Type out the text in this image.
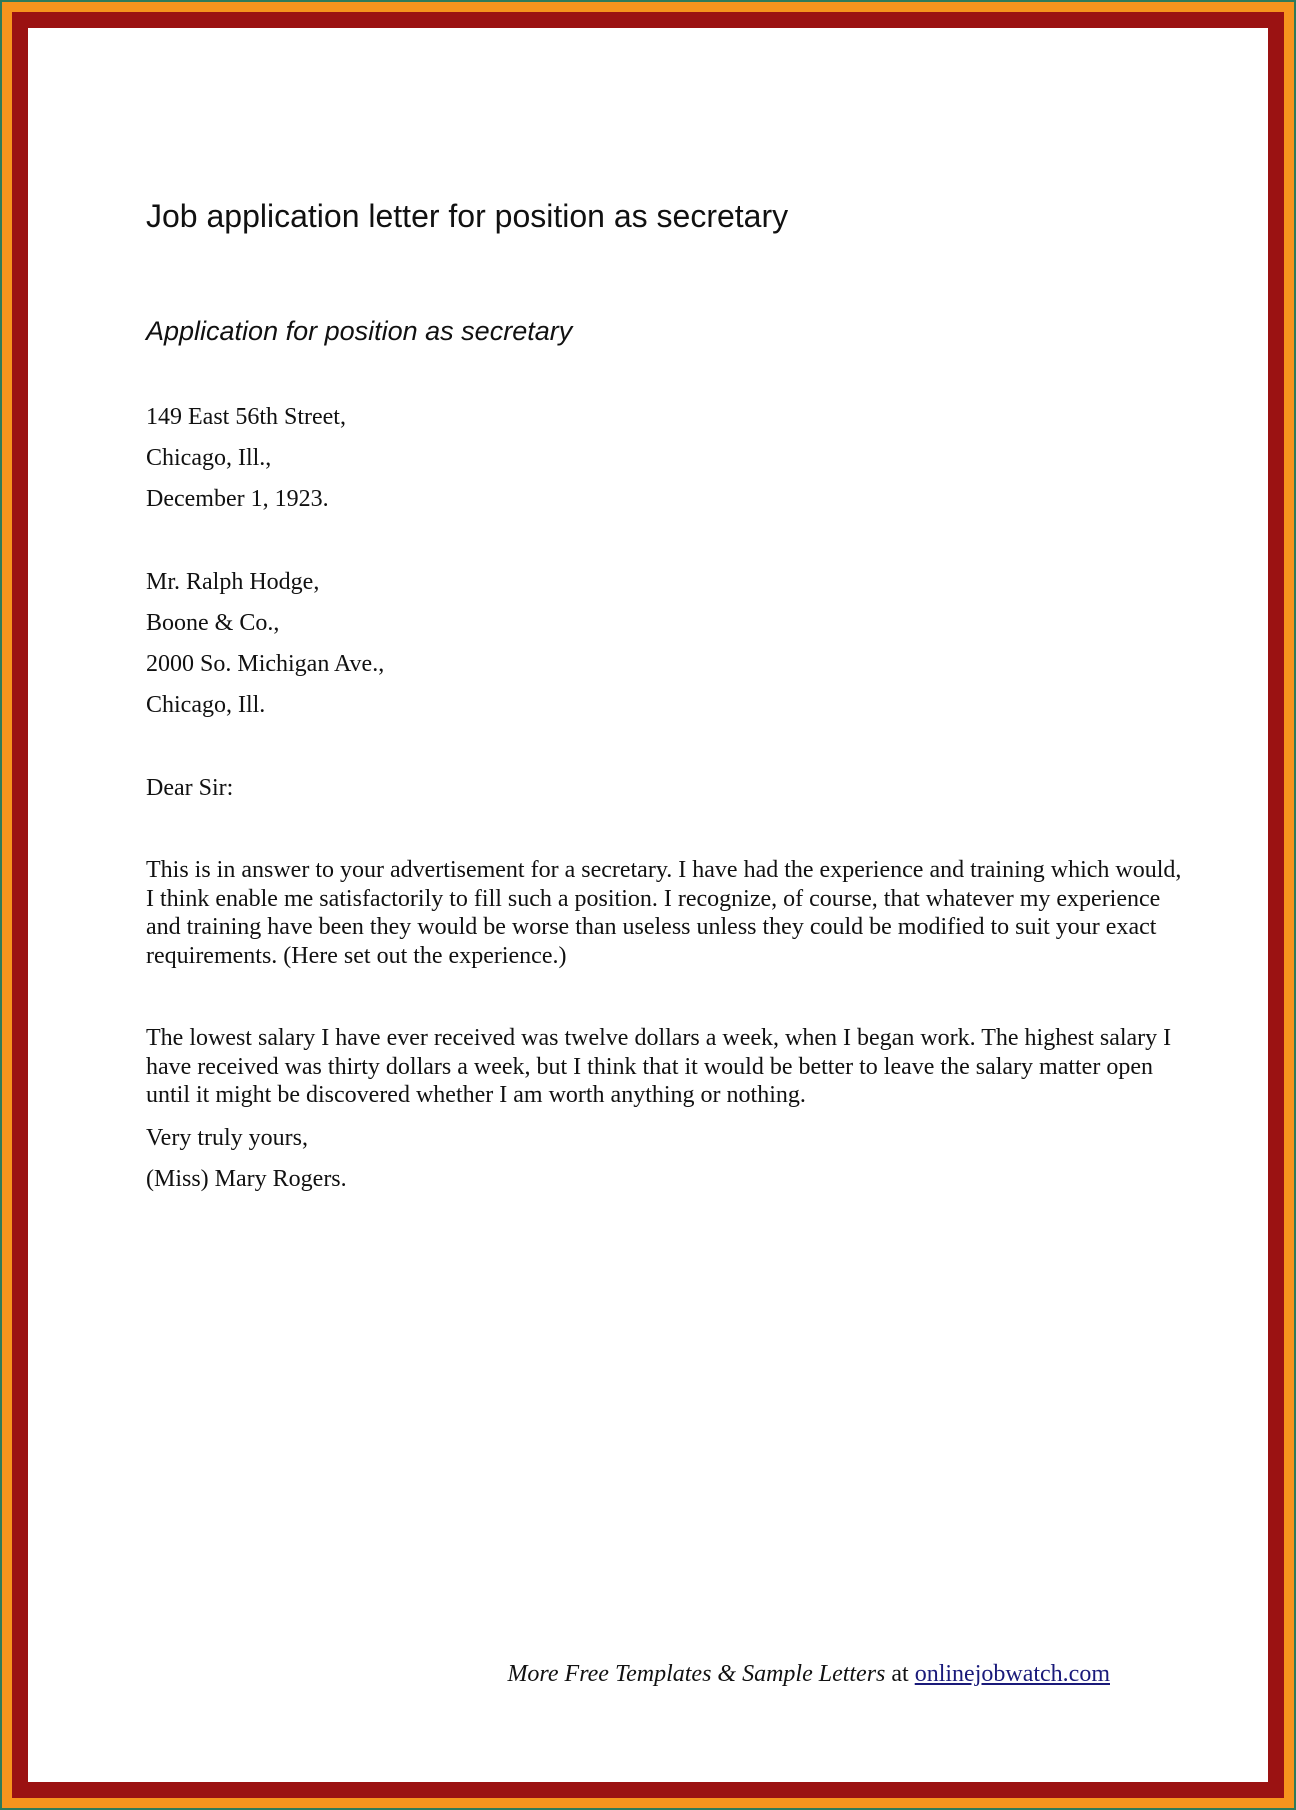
Job application letter for position as secretary
Application for position as secretary
149 East 56th Street,
Chicago, Ill.,
December 1, 1923.
Mr. Ralph Hodge,
Boone & Co.,
2000 So. Michigan Ave.,
Chicago, Ill.
Dear Sir:
This is in answer to your advertisement for a secretary. I have had the experience and training which would, I think enable me satisfactorily to fill such a position. I recognize, of course, that whatever my experience and training have been they would be worse than useless unless they could be modified to suit your exact requirements. (Here set out the experience.)
The lowest salary I have ever received was twelve dollars a week, when I began work. The highest salary I have received was thirty dollars a week, but I think that it would be better to leave the salary matter open until it might be discovered whether I am worth anything or nothing.
Very truly yours,
(Miss) Mary Rogers.
More Free Templates & Sample Letters at onlinejobwatch.com
